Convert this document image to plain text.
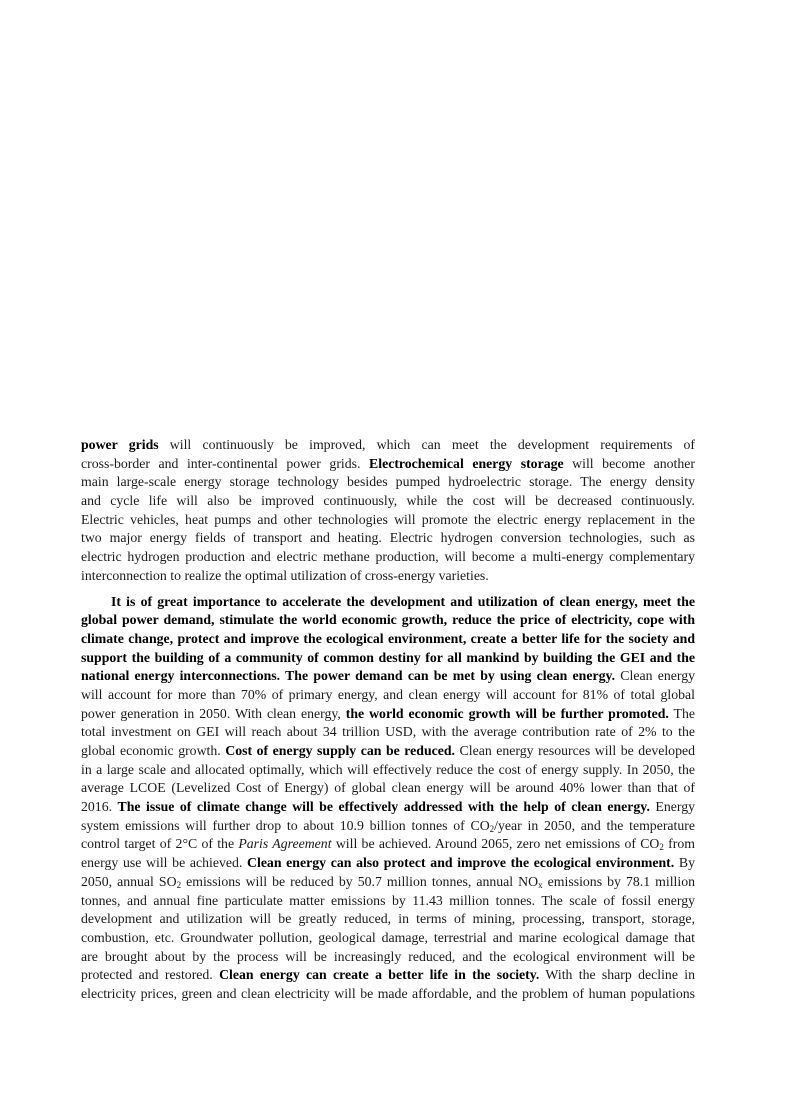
power grids will continuously be improved, which can meet the development requirements of
cross-border and inter-continental power grids. Electrochemical energy storage will become another
main large-scale energy storage technology besides pumped hydroelectric storage. The energy density
and cycle life will also be improved continuously, while the cost will be decreased continuously.
Electric vehicles, heat pumps and other technologies will promote the electric energy replacement in the
two major energy fields of transport and heating. Electric hydrogen conversion technologies, such as
electric hydrogen production and electric methane production, will become a multi-energy complementary
interconnection to realize the optimal utilization of cross-energy varieties.
It is of great importance to accelerate the development and utilization of clean energy, meet the
global power demand, stimulate the world economic growth, reduce the price of electricity, cope with
climate change, protect and improve the ecological environment, create a better life for the society and
support the building of a community of common destiny for all mankind by building the GEI and the
national energy interconnections. The power demand can be met by using clean energy. Clean energy
will account for more than 70% of primary energy, and clean energy will account for 81% of total global
power generation in 2050. With clean energy, the world economic growth will be further promoted. The
total investment on GEI will reach about 34 trillion USD, with the average contribution rate of 2% to the
global economic growth. Cost of energy supply can be reduced. Clean energy resources will be developed
in a large scale and allocated optimally, which will effectively reduce the cost of energy supply. In 2050, the
average LCOE (Levelized Cost of Energy) of global clean energy will be around 40% lower than that of
2016. The issue of climate change will be effectively addressed with the help of clean energy. Energy
system emissions will further drop to about 10.9 billion tonnes of $CO_2$/year in 2050, and the temperature
control target of 2°C of the Paris Agreement will be achieved. Around 2065, zero net emissions of $CO_2$ from
energy use will be achieved. Clean energy can also protect and improve the ecological environment. By
2050, annual $SO_2$ emissions will be reduced by 50.7 million tonnes, annual $NO_x$ emissions by 78.1 million
tonnes, and annual fine particulate matter emissions by 11.43 million tonnes. The scale of fossil energy
development and utilization will be greatly reduced, in terms of mining, processing, transport, storage,
combustion, etc. Groundwater pollution, geological damage, terrestrial and marine ecological damage that
are brought about by the process will be increasingly reduced, and the ecological environment will be
protected and restored. Clean energy can create a better life in the society. With the sharp decline in
electricity prices, green and clean electricity will be made affordable, and the problem of human populations
